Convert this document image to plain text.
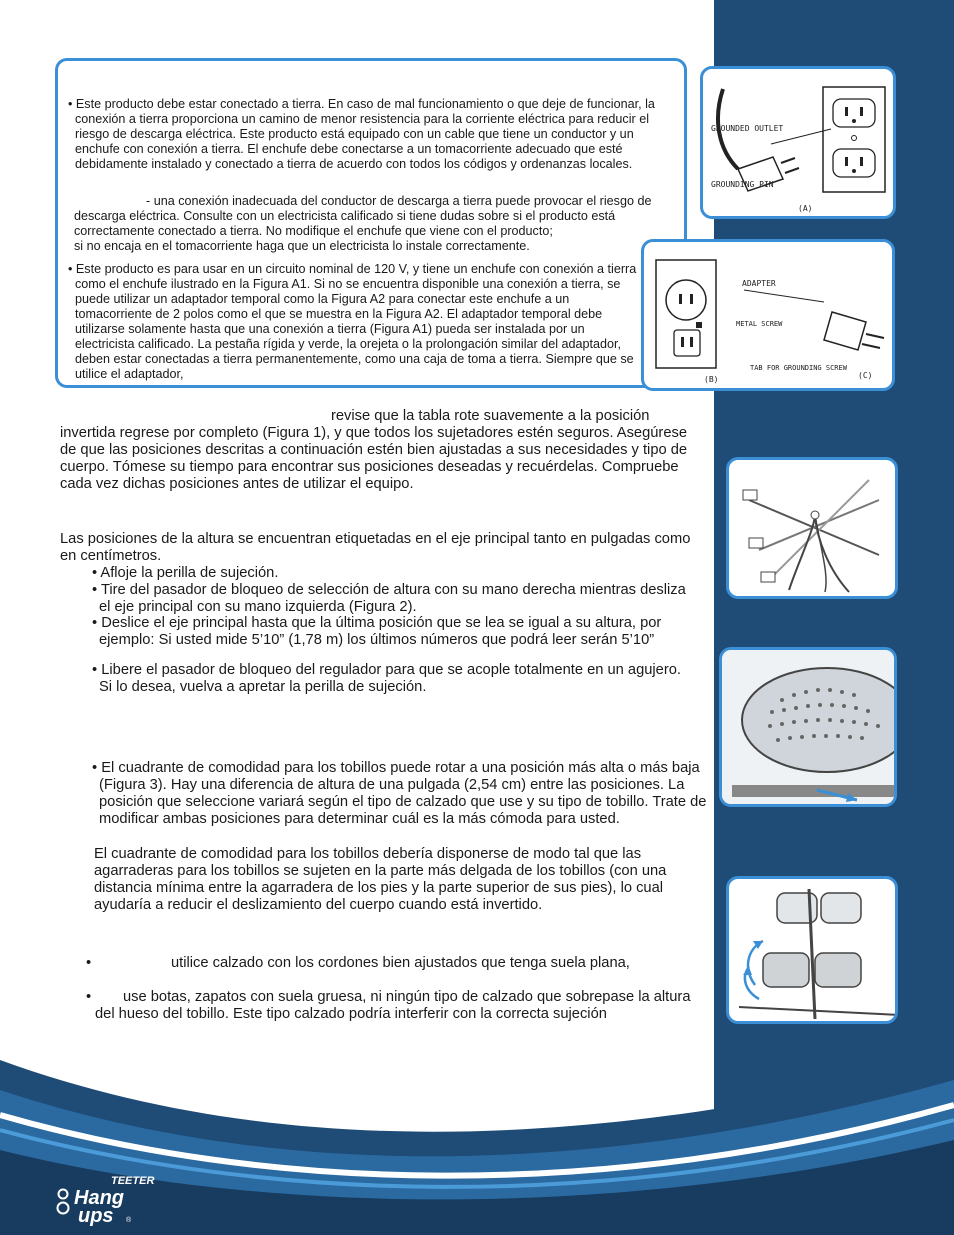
TEETER
Hang
ups ®
• Este producto debe estar conectado a tierra. En caso de mal funcionamiento o que deje de funcionar, la conexión a tierra proporciona un camino de menor resistencia para la corriente eléctrica para reducir el riesgo de descarga eléctrica. Este producto está equipado con un cable que tiene un conductor y un enchufe con conexión a tierra. El enchufe debe conectarse a un tomacorriente adecuado que esté debidamente instalado y conectado a tierra de acuerdo con todos los códigos y ordenanzas locales.
- una conexión inadecuada del conductor de descarga a tierra puede provocar el riesgo de descarga eléctrica. Consulte con un electricista calificado si tiene dudas sobre si el producto está correctamente conectado a tierra. No modifique el enchufe que viene con el producto;
si no encaja en el tomacorriente haga que un electricista lo instale correctamente.
• Este producto es para usar en un circuito nominal de 120 V, y tiene un enchufe con conexión a tierra como el enchufe ilustrado en la Figura A1. Si no se encuentra disponible una conexión a tierra, se puede utilizar un adaptador temporal como la Figura A2 para conectar este enchufe a un tomacorriente de 2 polos como el que se muestra en la Figura A2. El adaptador temporal debe utilizarse solamente hasta que una conexión a tierra (Figura A1) pueda ser instalada por un electricista calificado. La pestaña rígida y verde, la orejeta o la prolongación similar del adaptador, deben estar conectadas a tierra permanentemente, como una caja de toma a tierra. Siempre que se utilice el adaptador,
GROUNDING PIN
GROUNDED OUTLET
(A)
ADAPTER
METAL SCREW
TAB FOR GROUNDING SCREW
(B)	(C)
revise que la tabla rote suavemente a la posición
invertida regrese por completo (Figura 1), y que todos los sujetadores estén seguros. Asegúrese de que las posiciones descritas a continuación estén bien ajustadas a sus necesidades y tipo de cuerpo. Tómese su tiempo para encontrar sus posiciones deseadas y recuérdelas. Compruebe cada vez dichas posiciones antes de utilizar el equipo.
Las posiciones de la altura se encuentran etiquetadas en el eje principal tanto en pulgadas como en centímetros.
• Afloje la perilla de sujeción.
• Tire del pasador de bloqueo de selección de altura con su mano derecha mientras desliza el eje principal con su mano izquierda (Figura 2).
• Deslice el eje principal hasta que la última posición que se lea se igual a su altura, por ejemplo: Si usted mide 5’10” (1,78 m) los últimos números que podrá leer serán 5’10”
• Libere el pasador de bloqueo del regulador para que se acople totalmente en un agujero. Si lo desea, vuelva a apretar la perilla de sujeción.
• El cuadrante de comodidad para los tobillos puede rotar a una posición más alta o más baja (Figura 3). Hay una diferencia de altura de una pulgada (2,54 cm) entre las posiciones. La posición que seleccione variará según el tipo de calzado que use y su tipo de tobillo. Trate de modificar ambas posiciones para determinar cuál es la más cómoda para usted.
El cuadrante de comodidad para los tobillos debería disponerse de modo tal que las agarraderas para los tobillos se sujeten en la parte más delgada de los tobillos (con una distancia mínima entre la agarradera de los pies y la parte superior de sus pies), lo cual ayudaría a reducir el deslizamiento del cuerpo cuando está invertido.
•	utilice calzado con los cordones bien ajustados que tenga suela plana,
•	use botas, zapatos con suela gruesa, ni ningún tipo de calzado que sobrepase la altura del hueso del tobillo. Este tipo calzado podría interferir con la correcta sujeción
